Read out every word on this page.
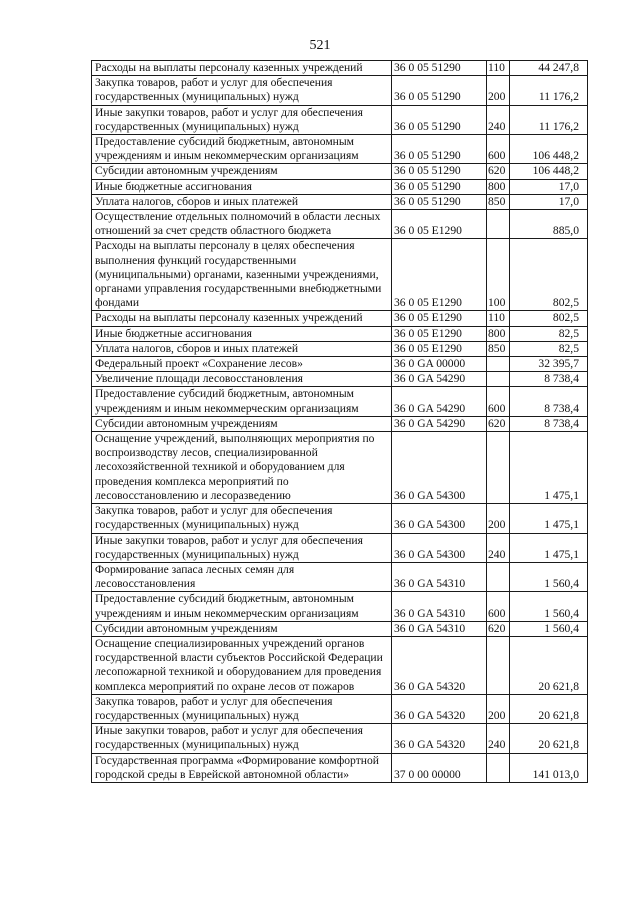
521
Расходы на выплаты персоналу казенных учреждений	36 0 05 51290	110	44 247,8
Закупка товаров, работ и услуг для обеспечения государственных (муниципальных) нужд	36 0 05 51290	200	11 176,2
Иные закупки товаров, работ и услуг для обеспечения государственных (муниципальных) нужд	36 0 05 51290	240	11 176,2
Предоставление субсидий бюджетным, автономным учреждениям и иным некоммерческим организациям	36 0 05 51290	600	106 448,2
Субсидии автономным учреждениям	36 0 05 51290	620	106 448,2
Иные бюджетные ассигнования	36 0 05 51290	800	17,0
Уплата налогов, сборов и иных платежей	36 0 05 51290	850	17,0
Осуществление отдельных полномочий в области лесных отношений за счет средств областного бюджета	36 0 05 E1290		885,0
Расходы на выплаты персоналу в целях обеспечения выполнения функций государственными (муниципальными) органами, казенными учреждениями, органами управления государственными внебюджетными фондами	36 0 05 E1290	100	802,5
Расходы на выплаты персоналу казенных учреждений	36 0 05 E1290	110	802,5
Иные бюджетные ассигнования	36 0 05 E1290	800	82,5
Уплата налогов, сборов и иных платежей	36 0 05 E1290	850	82,5
Федеральный проект «Сохранение лесов»	36 0 GA 00000		32 395,7
Увеличение площади лесовосстановления	36 0 GA 54290		8 738,4
Предоставление субсидий бюджетным, автономным учреждениям и иным некоммерческим организациям	36 0 GA 54290	600	8 738,4
Субсидии автономным учреждениям	36 0 GA 54290	620	8 738,4
Оснащение учреждений, выполняющих мероприятия по воспроизводству лесов, специализированной лесохозяйственной техникой и оборудованием для проведения комплекса мероприятий по лесовосстановлению и лесоразведению	36 0 GA 54300		1 475,1
Закупка товаров, работ и услуг для обеспечения государственных (муниципальных) нужд	36 0 GA 54300	200	1 475,1
Иные закупки товаров, работ и услуг для обеспечения государственных (муниципальных) нужд	36 0 GA 54300	240	1 475,1
Формирование запаса лесных семян для лесовосстановления	36 0 GA 54310		1 560,4
Предоставление субсидий бюджетным, автономным учреждениям и иным некоммерческим организациям	36 0 GA 54310	600	1 560,4
Субсидии автономным учреждениям	36 0 GA 54310	620	1 560,4
Оснащение специализированных учреждений органов государственной власти субъектов Российской Федерации лесопожарной техникой и оборудованием для проведения комплекса мероприятий по охране лесов от пожаров	36 0 GA 54320		20 621,8
Закупка товаров, работ и услуг для обеспечения государственных (муниципальных) нужд	36 0 GA 54320	200	20 621,8
Иные закупки товаров, работ и услуг для обеспечения государственных (муниципальных) нужд	36 0 GA 54320	240	20 621,8
Государственная программа «Формирование комфортной городской среды в Еврейской автономной области»	37 0 00 00000		141 013,0
